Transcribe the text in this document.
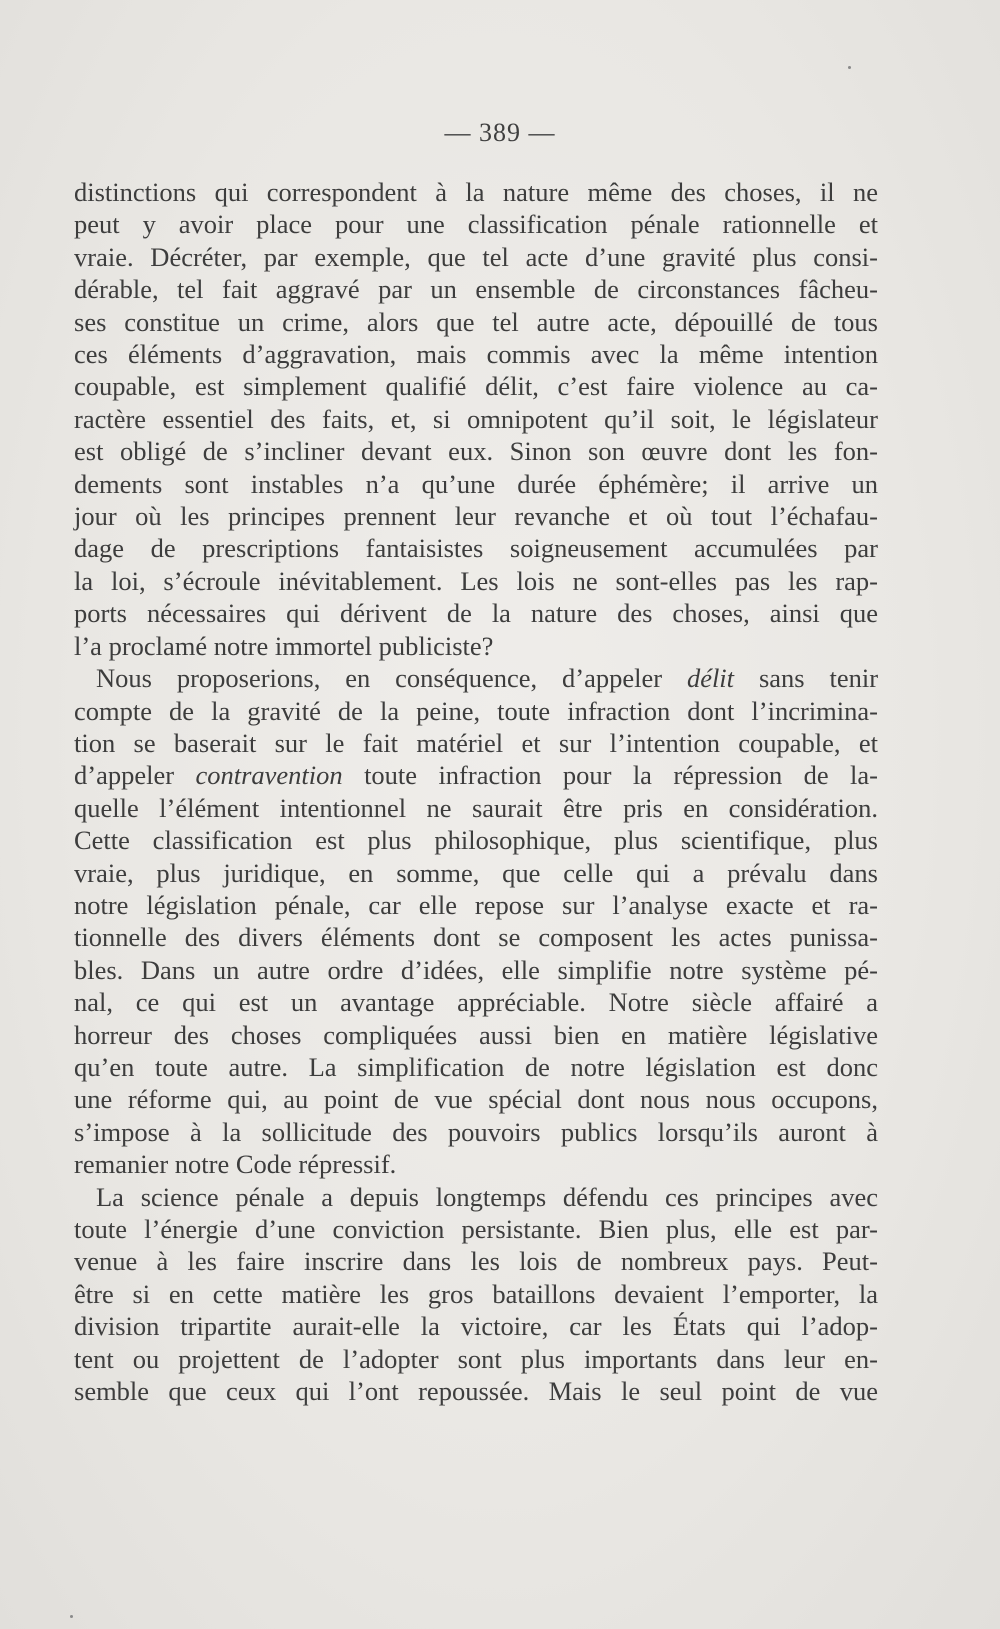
— 389 —

distinctions qui correspondent à la nature même des choses, il ne
peut y avoir place pour une classification pénale rationnelle et
vraie. Décréter, par exemple, que tel acte d’une gravité plus consi-
dérable, tel fait aggravé par un ensemble de circonstances fâcheu-
ses constitue un crime, alors que tel autre acte, dépouillé de tous
ces éléments d’aggravation, mais commis avec la même intention
coupable, est simplement qualifié délit, c’est faire violence au ca-
ractère essentiel des faits, et, si omnipotent qu’il soit, le législateur
est obligé de s’incliner devant eux. Sinon son œuvre dont les fon-
dements sont instables n’a qu’une durée éphémère; il arrive un
jour où les principes prennent leur revanche et où tout l’échafau-
dage de prescriptions fantaisistes soigneusement accumulées par
la loi, s’écroule inévitablement. Les lois ne sont-elles pas les rap-
ports nécessaires qui dérivent de la nature des choses, ainsi que
l’a proclamé notre immortel publiciste?

Nous proposerions, en conséquence, d’appeler délit sans tenir
compte de la gravité de la peine, toute infraction dont l’incrimina-
tion se baserait sur le fait matériel et sur l’intention coupable, et
d’appeler contravention toute infraction pour la répression de la-
quelle l’élément intentionnel ne saurait être pris en considération.
Cette classification est plus philosophique, plus scientifique, plus
vraie, plus juridique, en somme, que celle qui a prévalu dans
notre législation pénale, car elle repose sur l’analyse exacte et ra-
tionnelle des divers éléments dont se composent les actes punissa-
bles. Dans un autre ordre d’idées, elle simplifie notre système pé-
nal, ce qui est un avantage appréciable. Notre siècle affairé a
horreur des choses compliquées aussi bien en matière législative
qu’en toute autre. La simplification de notre législation est donc
une réforme qui, au point de vue spécial dont nous nous occupons,
s’impose à la sollicitude des pouvoirs publics lorsqu’ils auront à
remanier notre Code répressif.

La science pénale a depuis longtemps défendu ces principes avec
toute l’énergie d’une conviction persistante. Bien plus, elle est par-
venue à les faire inscrire dans les lois de nombreux pays. Peut-
être si en cette matière les gros bataillons devaient l’emporter, la
division tripartite aurait-elle la victoire, car les États qui l’adop-
tent ou projettent de l’adopter sont plus importants dans leur en-
semble que ceux qui l’ont repoussée. Mais le seul point de vue
